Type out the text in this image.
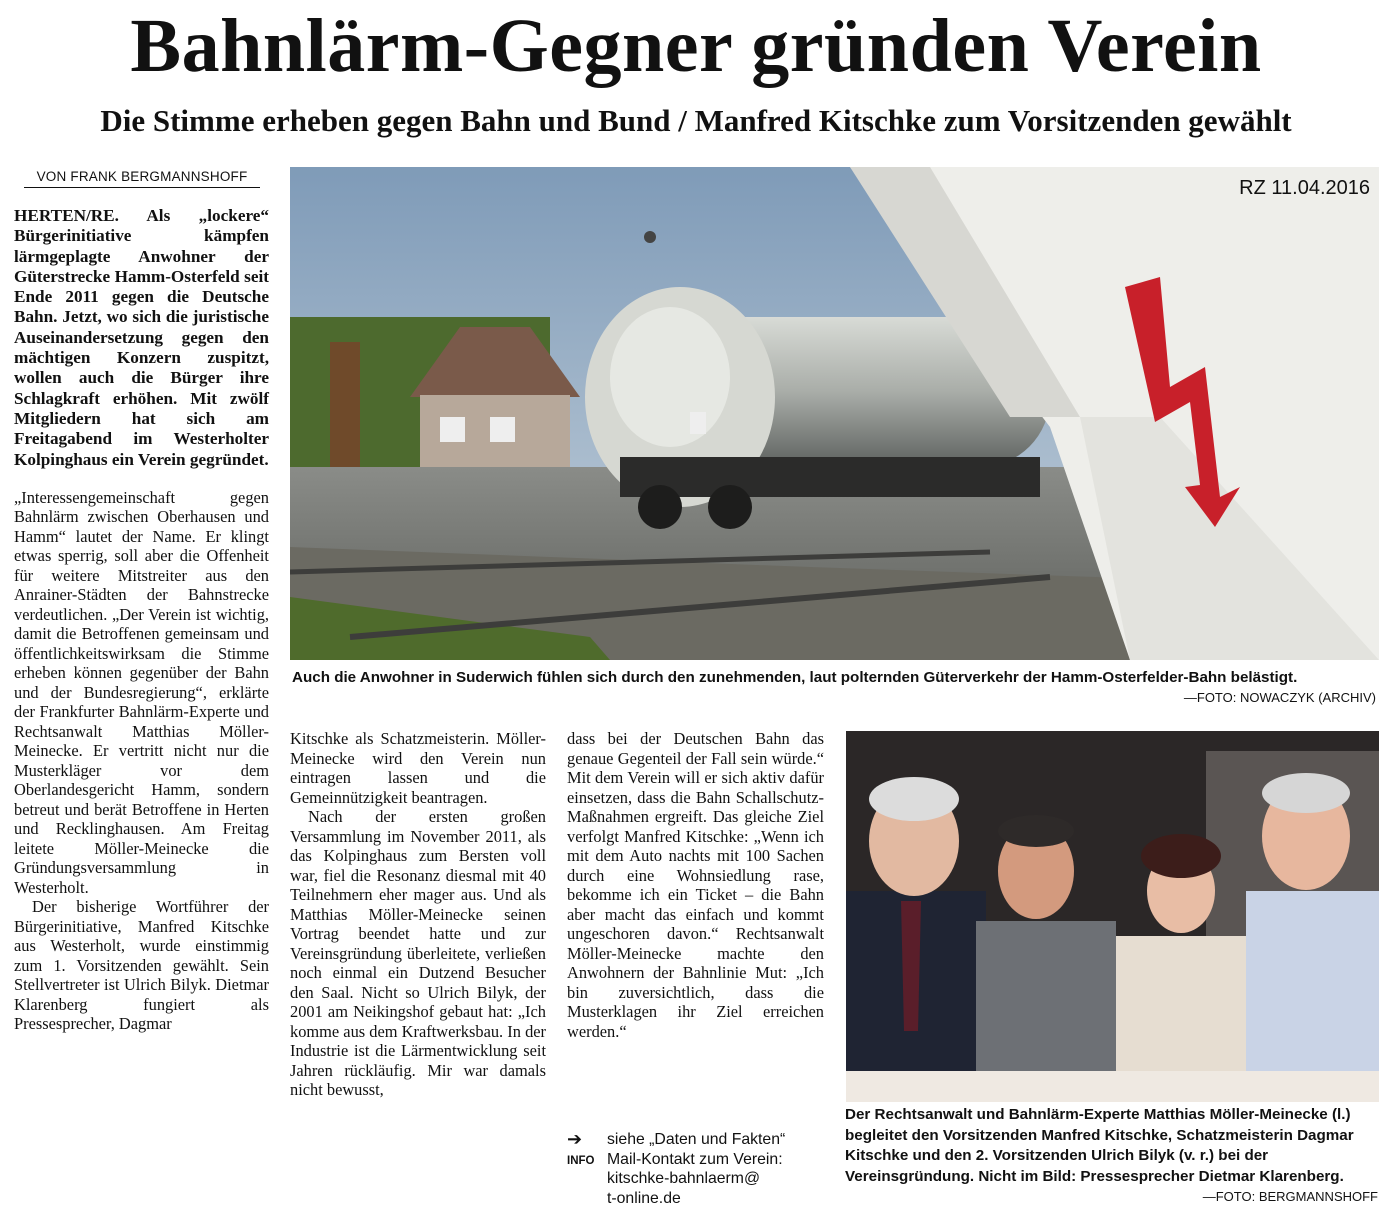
Bahnlärm-Gegner gründen Verein
Die Stimme erheben gegen Bahn und Bund / Manfred Kitschke zum Vorsitzenden gewählt
VON FRANK BERGMANNSHOFF

HERTEN/RE. Als „lockere“ Bürgerinitiative kämpfen lärmgeplagte Anwohner der Güterstrecke Hamm-Osterfeld seit Ende 2011 gegen die Deutsche Bahn. Jetzt, wo sich die juristische Auseinandersetzung gegen den mächtigen Konzern zuspitzt, wollen auch die Bürger ihre Schlagkraft erhöhen. Mit zwölf Mitgliedern hat sich am Freitagabend im Westerholter Kolpinghaus ein Verein gegründet.

„Interessengemeinschaft gegen Bahnlärm zwischen Oberhausen und Hamm“ lautet der Name. Er klingt etwas sperrig, soll aber die Offenheit für weitere Mitstreiter aus den Anrainer-Städten der Bahnstrecke verdeutlichen. „Der Verein ist wichtig, damit die Betroffenen gemeinsam und öffentlichkeitswirksam die Stimme erheben können gegenüber der Bahn und der Bundesregierung“, erklärte der Frankfurter Bahnlärm-Experte und Rechtsanwalt Matthias Möller-Meinecke. Er vertritt nicht nur die Musterkläger vor dem Oberlandesgericht Hamm, sondern betreut und berät Betroffene in Herten und Recklinghausen. Am Freitag leitete Möller-Meinecke die Gründungsversammlung in Westerholt.

Der bisherige Wortführer der Bürgerinitiative, Manfred Kitschke aus Westerholt, wurde einstimmig zum 1. Vorsitzenden gewählt. Sein Stellvertreter ist Ulrich Bilyk. Dietmar Klarenberg fungiert als Pressesprecher, Dagmar

RZ 11.04.2016
Auch die Anwohner in Suderwich fühlen sich durch den zunehmenden, laut polternden Güterverkehr der Hamm-Osterfelder-Bahn belästigt.
—FOTO: NOWACZYK (ARCHIV)

Kitschke als Schatzmeisterin. Möller-Meinecke wird den Verein nun eintragen lassen und die Gemeinnützigkeit beantragen.

Nach der ersten großen Versammlung im November 2011, als das Kolpinghaus zum Bersten voll war, fiel die Resonanz diesmal mit 40 Teilnehmern eher mager aus. Und als Matthias Möller-Meinecke seinen Vortrag beendet hatte und zur Vereinsgründung überleitete, verließen noch einmal ein Dutzend Besucher den Saal. Nicht so Ulrich Bilyk, der 2001 am Neikingshof gebaut hat: „Ich komme aus dem Kraftwerksbau. In der Industrie ist die Lärmentwicklung seit Jahren rückläufig. Mir war damals nicht bewusst,

dass bei der Deutschen Bahn das genaue Gegenteil der Fall sein würde.“ Mit dem Verein will er sich aktiv dafür einsetzen, dass die Bahn Schallschutz-Maßnahmen ergreift. Das gleiche Ziel verfolgt Manfred Kitschke: „Wenn ich mit dem Auto nachts mit 100 Sachen durch eine Wohnsiedlung rase, bekomme ich ein Ticket – die Bahn aber macht das einfach und kommt ungeschoren davon.“ Rechtsanwalt Möller-Meinecke machte den Anwohnern der Bahnlinie Mut: „Ich bin zuversichtlich, dass die Musterklagen ihr Ziel erreichen werden.“

➔
INFO
siehe „Daten und Fakten“
Mail-Kontakt zum Verein:
kitschke-bahnlaerm@
t-online.de
Der Rechtsanwalt und Bahnlärm-Experte Matthias Möller-Meinecke (l.) begleitet den Vorsitzenden Manfred Kitschke, Schatzmeisterin Dagmar Kitschke und den 2. Vorsitzenden Ulrich Bilyk (v. r.) bei der Vereinsgründung. Nicht im Bild: Pressesprecher Dietmar Klarenberg.
—FOTO: BERGMANNSHOFF
